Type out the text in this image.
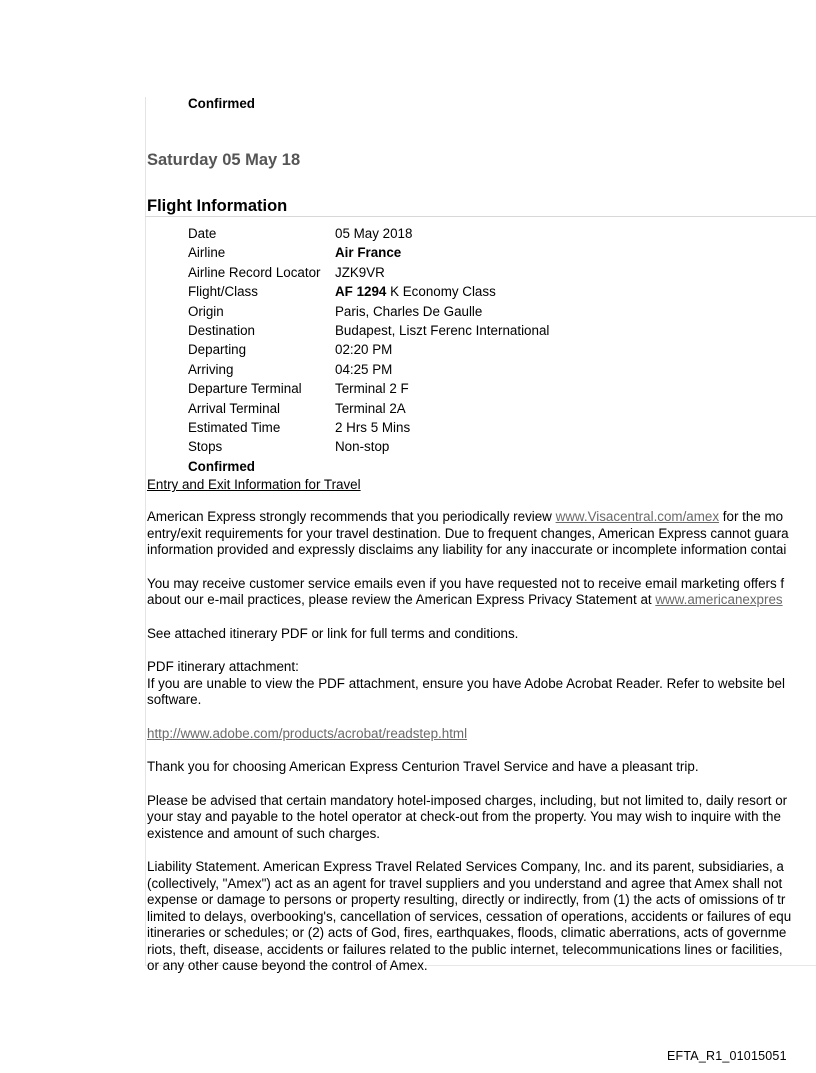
Confirmed
Saturday 05 May 18
Flight Information
Date	05 May 2018
Airline	Air France
Airline Record Locator	JZK9VR
Flight/Class	AF 1294 K Economy Class
Origin	Paris, Charles De Gaulle
Destination	Budapest, Liszt Ferenc International
Departing	02:20 PM
Arriving	04:25 PM
Departure Terminal	Terminal 2 F
Arrival Terminal	Terminal 2A
Estimated Time	2 Hrs 5 Mins
Stops	Non-stop
Confirmed
Entry and Exit Information for Travel

American Express strongly recommends that you periodically review www.Visacentral.com/amex for the mo
entry/exit requirements for your travel destination. Due to frequent changes, American Express cannot guara
information provided and expressly disclaims any liability for any inaccurate or incomplete information contai

You may receive customer service emails even if you have requested not to receive email marketing offers f
about our e-mail practices, please review the American Express Privacy Statement at www.americanexpres

See attached itinerary PDF or link for full terms and conditions.

PDF itinerary attachment:
If you are unable to view the PDF attachment, ensure you have Adobe Acrobat Reader. Refer to website bel
software.

http://www.adobe.com/products/acrobat/readstep.html

Thank you for choosing American Express Centurion Travel Service and have a pleasant trip.

Please be advised that certain mandatory hotel-imposed charges, including, but not limited to, daily resort or
your stay and payable to the hotel operator at check-out from the property. You may wish to inquire with the
existence and amount of such charges.

Liability Statement. American Express Travel Related Services Company, Inc. and its parent, subsidiaries, a
(collectively, "Amex") act as an agent for travel suppliers and you understand and agree that Amex shall not
expense or damage to persons or property resulting, directly or indirectly, from (1) the acts of omissions of tr
limited to delays, overbooking's, cancellation of services, cessation of operations, accidents or failures of equ
itineraries or schedules; or (2) acts of God, fires, earthquakes, floods, climatic aberrations, acts of governme
riots, theft, disease, accidents or failures related to the public internet, telecommunications lines or facilities,
or any other cause beyond the control of Amex.

EFTA_R1_01015051
